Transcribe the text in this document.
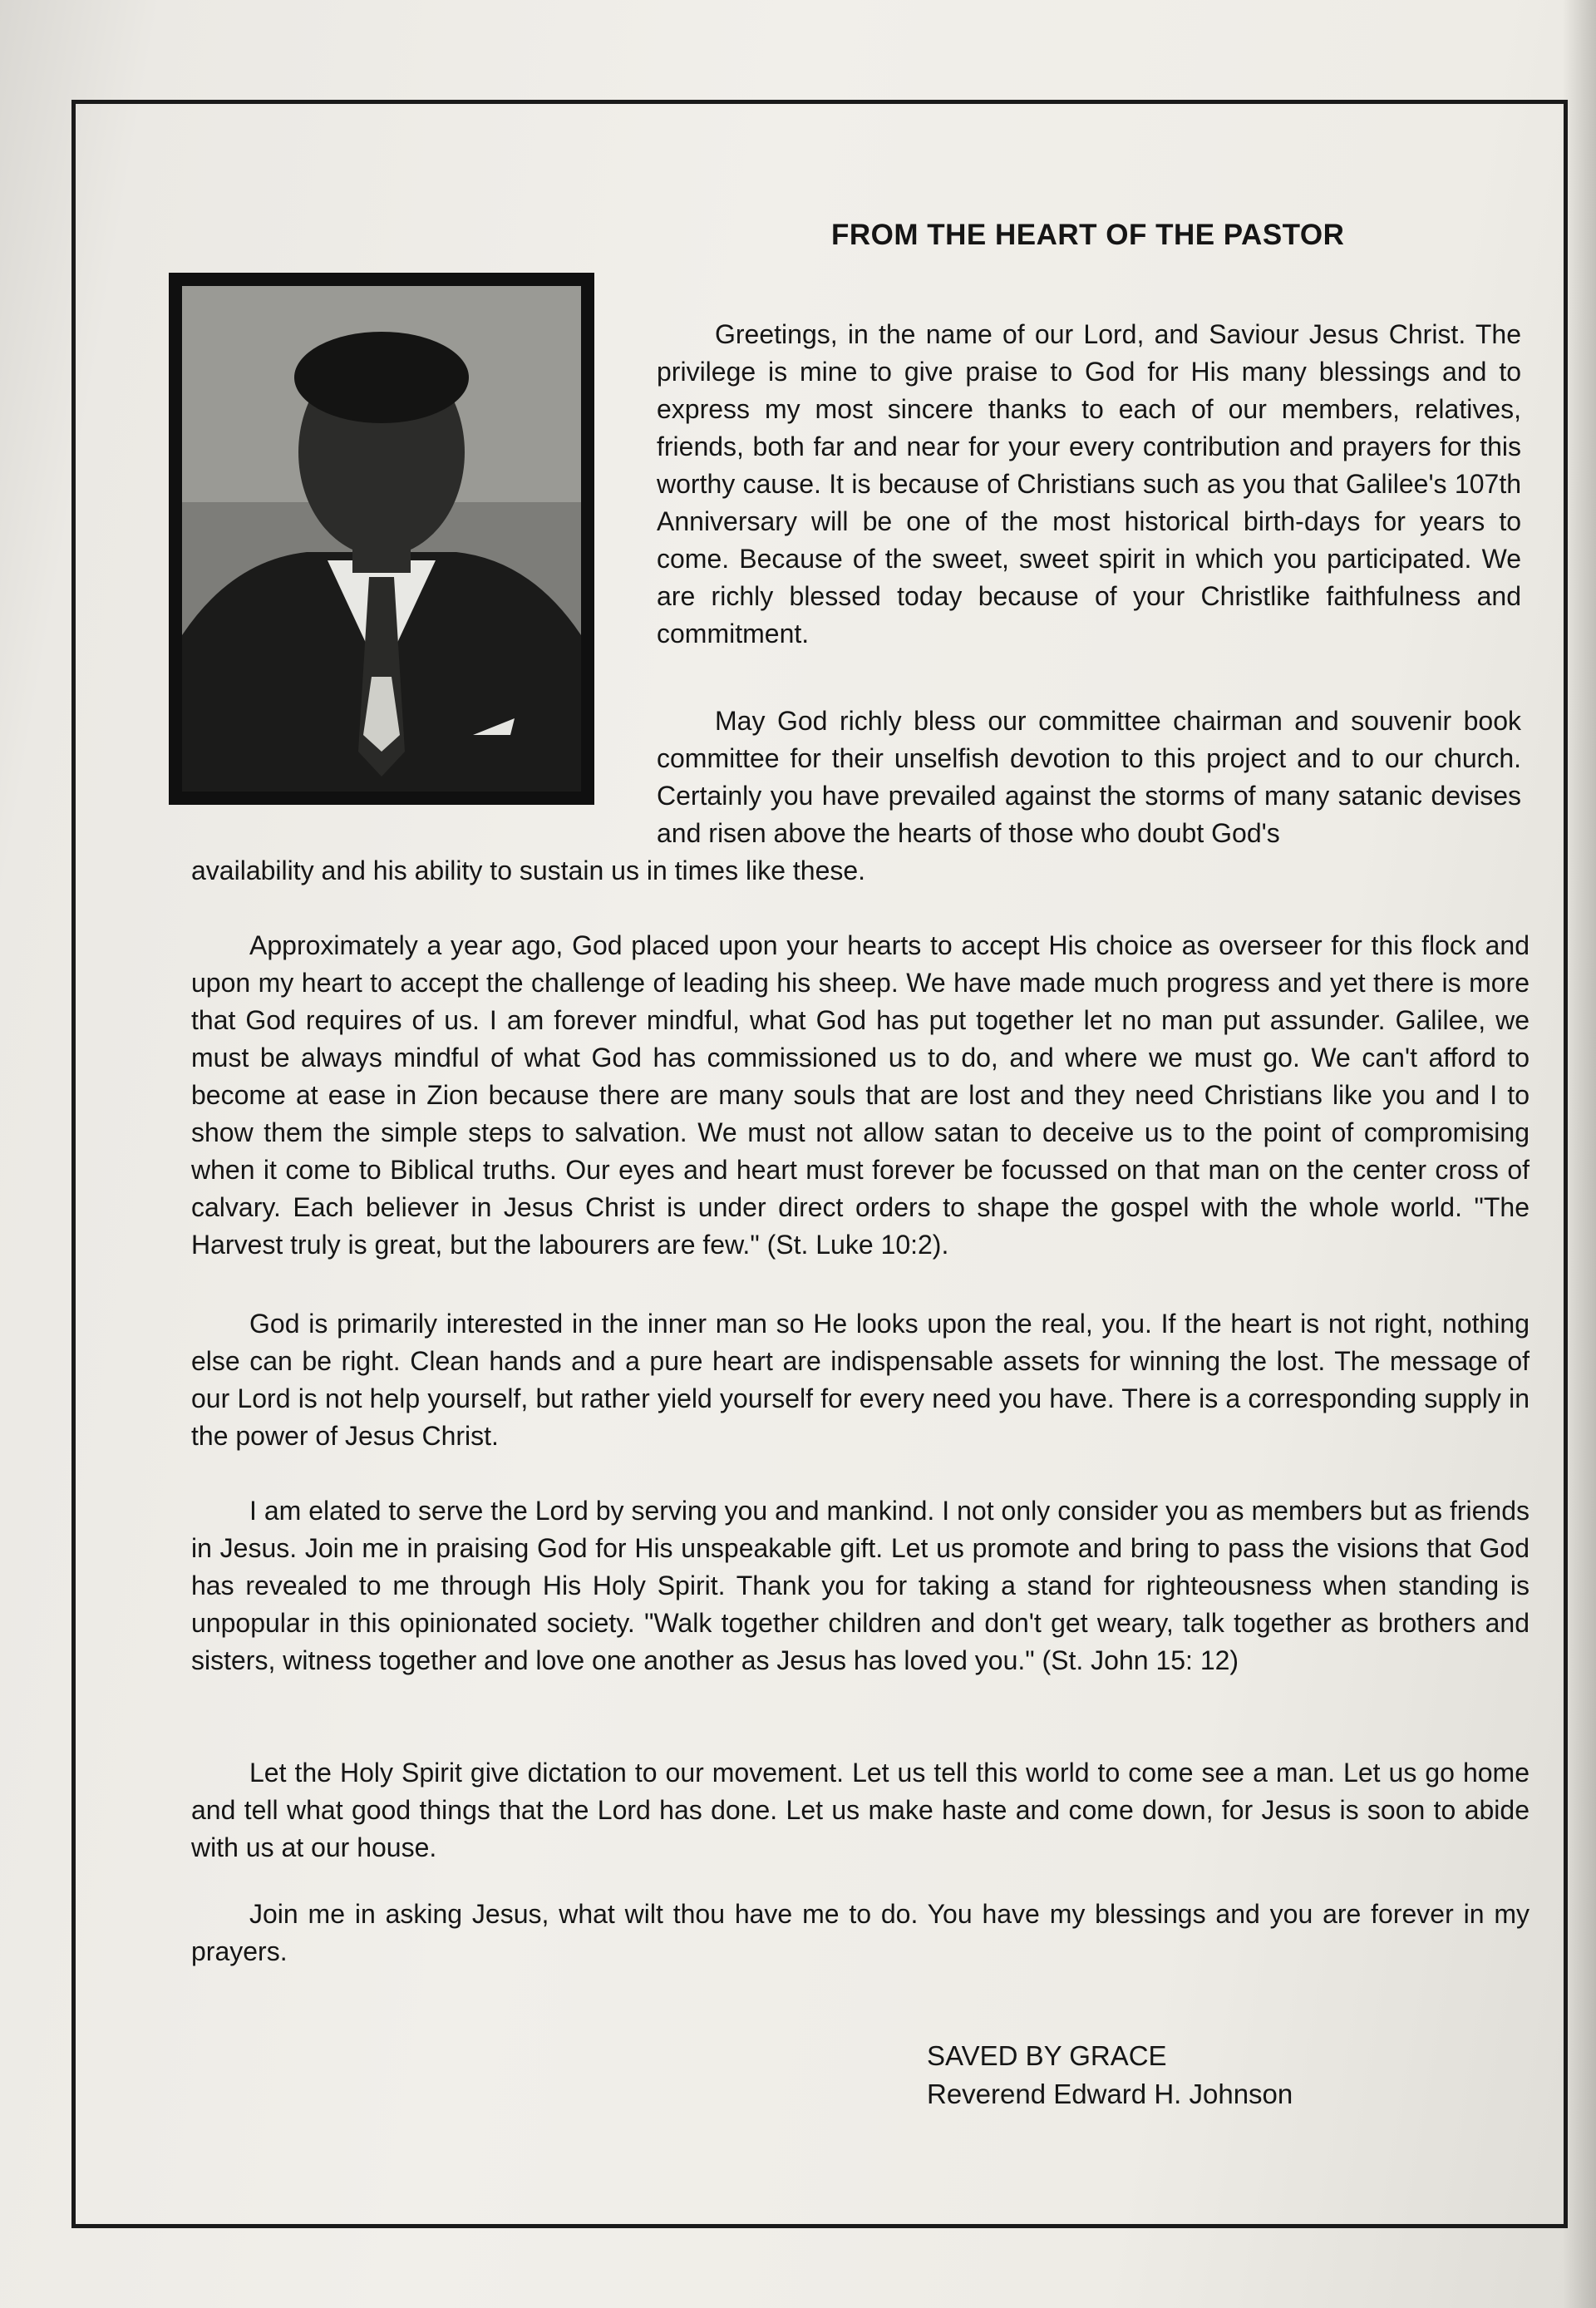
FROM THE HEART OF THE PASTOR

Greetings, in the name of our Lord, and Saviour Jesus Christ. The privilege is mine to give praise to God for His many blessings and to express my most sincere thanks to each of our members, relatives, friends, both far and near for your every contribution and prayers for this worthy cause. It is because of Christians such as you that Galilee's 107th Anniversary will be one of the most historical birth-days for years to come. Because of the sweet, sweet spirit in which you participated. We are richly blessed today because of your Christlike faithfulness and commitment.

May God richly bless our committee chairman and souvenir book committee for their unselfish devotion to this project and to our church. Certainly you have prevailed against the storms of many satanic devises and risen above the hearts of those who doubt God's

availability and his ability to sustain us in times like these.

Approximately a year ago, God placed upon your hearts to accept His choice as overseer for this flock and upon my heart to accept the challenge of leading his sheep. We have made much progress and yet there is more that God requires of us. I am forever mindful, what God has put together let no man put assunder. Galilee, we must be always mindful of what God has commissioned us to do, and where we must go. We can't afford to become at ease in Zion because there are many souls that are lost and they need Christians like you and I to show them the simple steps to salvation. We must not allow satan to deceive us to the point of compromising when it come to Biblical truths. Our eyes and heart must forever be focussed on that man on the center cross of calvary. Each believer in Jesus Christ is under direct orders to shape the gospel with the whole world. "The Harvest truly is great, but the labourers are few." (St. Luke 10:2).

God is primarily interested in the inner man so He looks upon the real, you. If the heart is not right, nothing else can be right. Clean hands and a pure heart are indispensable assets for winning the lost. The message of our Lord is not help yourself, but rather yield yourself for every need you have. There is a corresponding supply in the power of Jesus Christ.

I am elated to serve the Lord by serving you and mankind. I not only consider you as members but as friends in Jesus. Join me in praising God for His unspeakable gift. Let us promote and bring to pass the visions that God has revealed to me through His Holy Spirit. Thank you for taking a stand for righteousness when standing is unpopular in this opinionated society. "Walk together children and don't get weary, talk together as brothers and sisters, witness together and love one another as Jesus has loved you." (St. John 15: 12)

Let the Holy Spirit give dictation to our movement. Let us tell this world to come see a man. Let us go home and tell what good things that the Lord has done. Let us make haste and come down, for Jesus is soon to abide with us at our house.

Join me in asking Jesus, what wilt thou have me to do. You have my blessings and you are forever in my prayers.

SAVED BY GRACE
Reverend Edward H. Johnson
